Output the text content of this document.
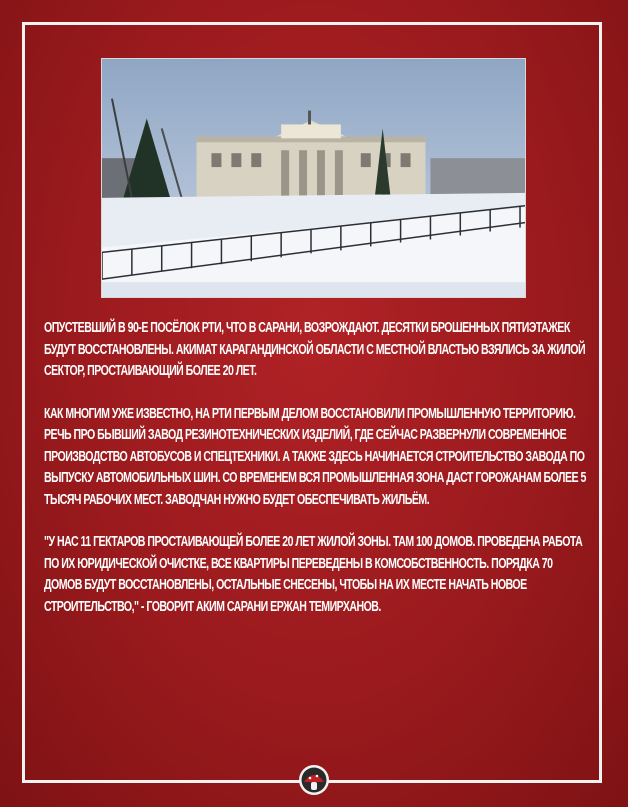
ОПУСТЕВШИЙ В 90-Е ПОСЁЛОК РТИ, ЧТО В САРАНИ, ВОЗРОЖДАЮТ. ДЕСЯТКИ БРОШЕННЫХ ПЯТИЭТАЖЕК БУДУТ ВОССТАНОВЛЕНЫ. АКИМАТ КАРАГАНДИНСКОЙ ОБЛАСТИ С МЕСТНОЙ ВЛАСТЬЮ ВЗЯЛИСЬ ЗА ЖИЛОЙ СЕКТОР, ПРОСТАИВАЮЩИЙ БОЛЕЕ 20 ЛЕТ.

КАК МНОГИМ УЖЕ ИЗВЕСТНО, НА РТИ ПЕРВЫМ ДЕЛОМ ВОССТАНОВИЛИ ПРОМЫШЛЕННУЮ ТЕРРИТОРИЮ. РЕЧЬ ПРО БЫВШИЙ ЗАВОД РЕЗИНОТЕХНИЧЕСКИХ ИЗДЕЛИЙ, ГДЕ СЕЙЧАС РАЗВЕРНУЛИ СОВРЕМЕННОЕ ПРОИЗВОДСТВО АВТОБУСОВ И СПЕЦТЕХНИКИ. А ТАКЖЕ ЗДЕСЬ НАЧИНАЕТСЯ СТРОИТЕЛЬСТВО ЗАВОДА ПО ВЫПУСКУ АВТОМОБИЛЬНЫХ ШИН. СО ВРЕМЕНЕМ ВСЯ ПРОМЫШЛЕННАЯ ЗОНА ДАСТ ГОРОЖАНАМ БОЛЕЕ 5 ТЫСЯЧ РАБОЧИХ МЕСТ. ЗАВОДЧАН НУЖНО БУДЕТ ОБЕСПЕЧИВАТЬ ЖИЛЬЁМ.

"У НАС 11 ГЕКТАРОВ ПРОСТАИВАЮЩЕЙ БОЛЕЕ 20 ЛЕТ ЖИЛОЙ ЗОНЫ. ТАМ 100 ДОМОВ. ПРОВЕДЕНА РАБОТА ПО ИХ ЮРИДИЧЕСКОЙ ОЧИСТКЕ, ВСЕ КВАРТИРЫ ПЕРЕВЕДЕНЫ В КОМСОБСТВЕННОСТЬ. ПОРЯДКА 70 ДОМОВ БУДУТ ВОССТАНОВЛЕНЫ, ОСТАЛЬНЫЕ СНЕСЕНЫ, ЧТОБЫ НА ИХ МЕСТЕ НАЧАТЬ НОВОЕ СТРОИТЕЛЬСТВО," - ГОВОРИТ АКИМ САРАНИ ЕРЖАН ТЕМИРХАНОВ.
